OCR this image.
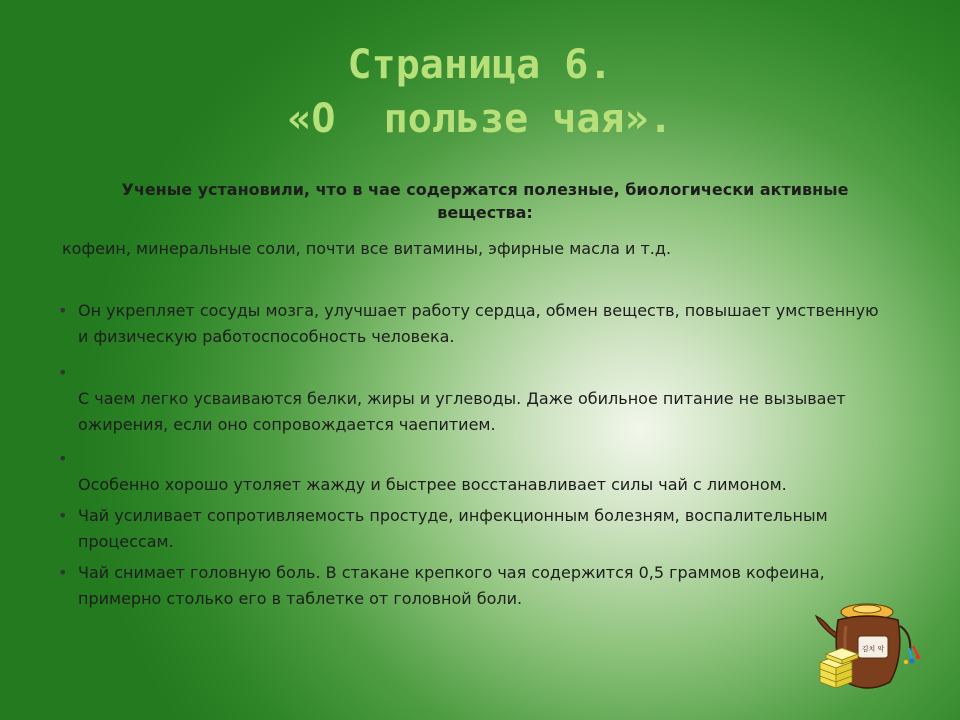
Страница 6.
«О  пользе чая».

Ученые установили, что в чае содержатся полезные, биологически активные вещества:

кофеин, минеральные соли, почти все витамины, эфирные масла и т.д.

• Он укрепляет сосуды мозга, улучшает работу сердца, обмен веществ, повышает умственную и физическую работоспособность человека.
• С чаем легко усваиваются белки, жиры и углеводы. Даже обильное питание не вызывает ожирения, если оно сопровождается чаепитием.
• Особенно хорошо утоляет жажду и быстрее восстанавливает силы чай с лимоном.
• Чай усиливает сопротивляемость простуде, инфекционным болезням, воспалительным процессам.
• Чай снимает головную боль. В стакане крепкого чая содержится 0,5 граммов кофеина, примерно столько его в таблетке от головной боли.
김치 악
